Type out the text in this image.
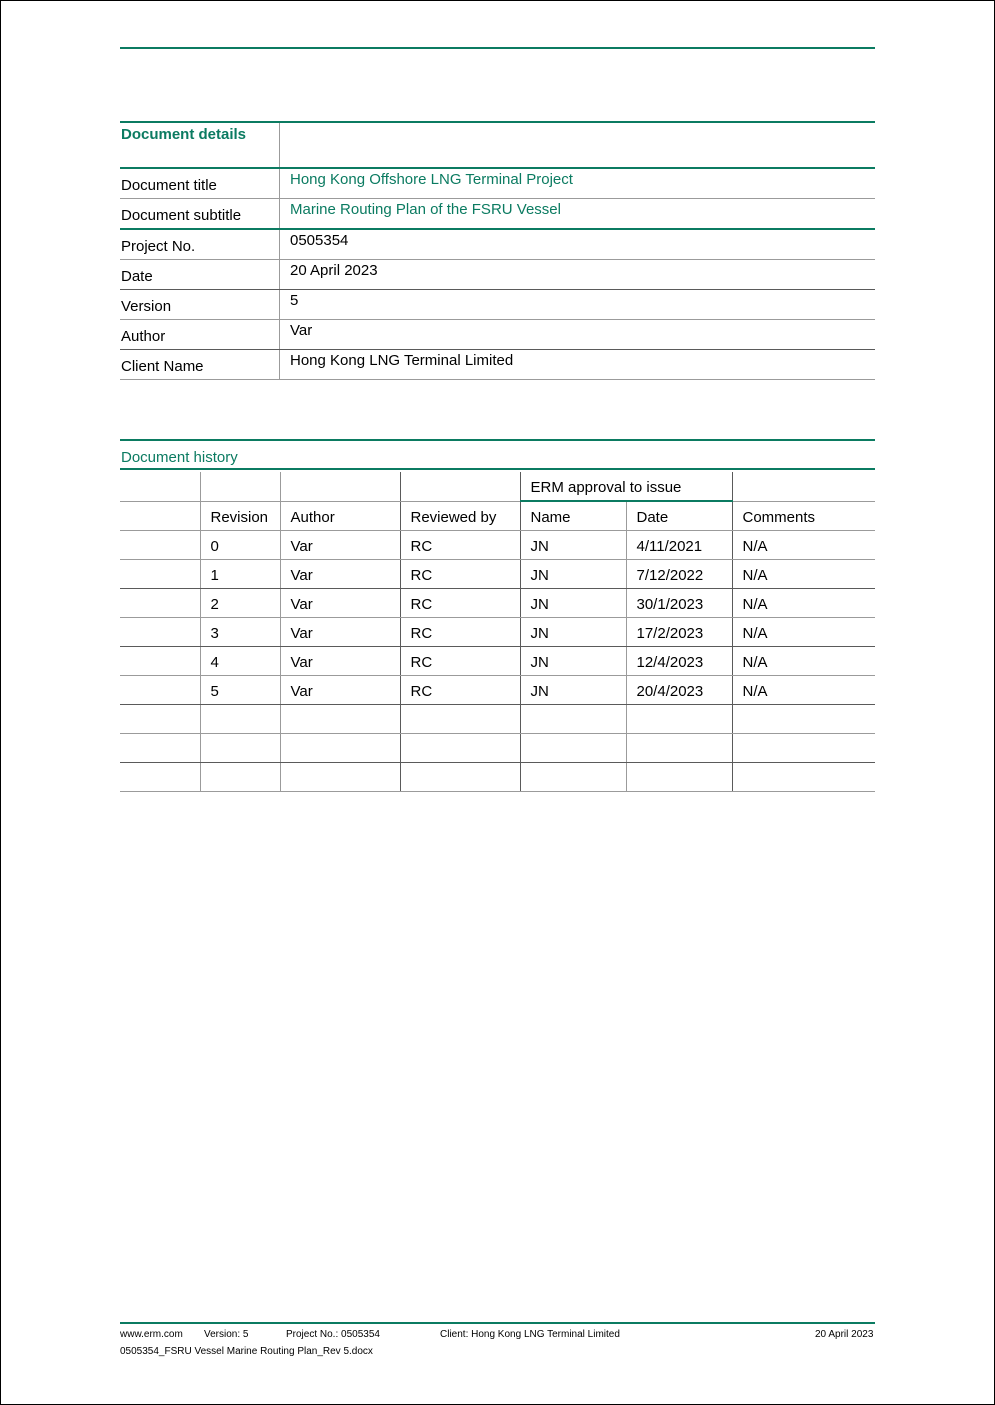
Document details
Document title	Hong Kong Offshore LNG Terminal Project
Document subtitle	Marine Routing Plan of the FSRU Vessel
Project No.	0505354
Date	20 April 2023
Version	5
Author	Var
Client Name	Hong Kong LNG Terminal Limited
Document history
				ERM approval to issue		
	Revision	Author	Reviewed by	Name	Date	Comments
	0	Var	RC	JN	4/11/2021	N/A
	1	Var	RC	JN	7/12/2022	N/A
	2	Var	RC	JN	30/1/2023	N/A
	3	Var	RC	JN	17/2/2023	N/A
	4	Var	RC	JN	12/4/2023	N/A
	5	Var	RC	JN	20/4/2023	N/A

www.erm.com Version: 5	Project No.: 0505354	Client: Hong Kong LNG Terminal Limited	20 April 2023
0505354_FSRU Vessel Marine Routing Plan_Rev 5.docx
